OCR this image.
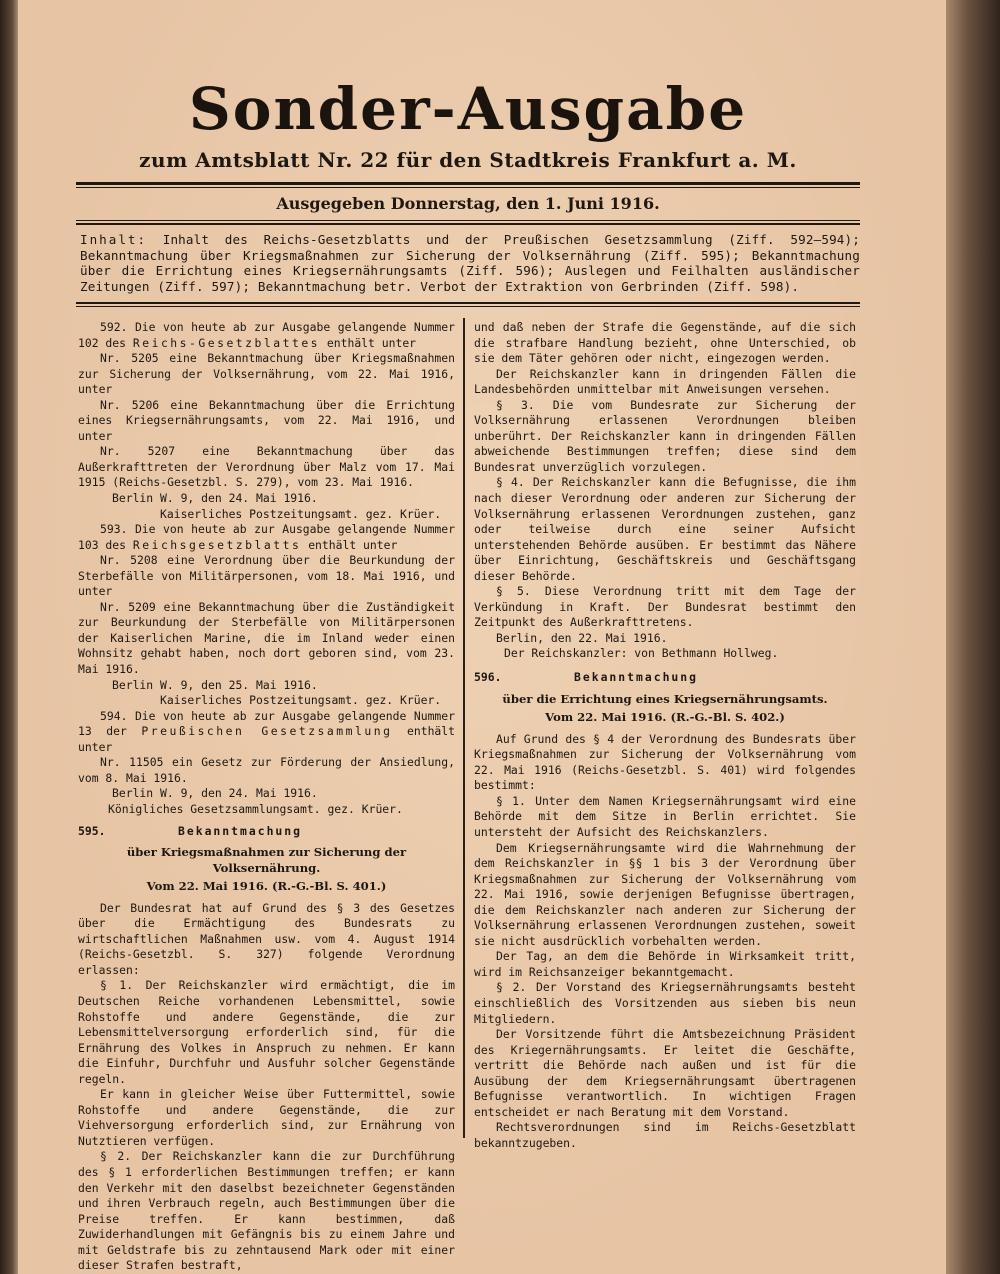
Sonder-Ausgabe
zum Amtsblatt Nr. 22 für den Stadtkreis Frankfurt a. M.
Ausgegeben Donnerstag, den 1. Juni 1916.
Inhalt: Inhalt des Reichs-Gesetzblatts und der Preußischen Gesetzsammlung (Ziff. 592—594); Bekanntmachung über Kriegsmaßnahmen zur Sicherung der Volksernährung (Ziff. 595); Bekanntmachung über die Errichtung eines Kriegsernährungsamts (Ziff. 596); Auslegen und Feilhalten ausländischer Zeitungen (Ziff. 597); Bekanntmachung betr. Verbot der Extraktion von Gerbrinden (Ziff. 598).
592. Die von heute ab zur Ausgabe gelangende Nummer 102 des Reichs-Gesetzblattes enthält unter
Nr. 5205 eine Bekanntmachung über Kriegsmaßnahmen zur Sicherung der Volksernährung, vom 22. Mai 1916, unter
Nr. 5206 eine Bekanntmachung über die Errichtung eines Kriegsernährungsamts, vom 22. Mai 1916, und unter
Nr. 5207 eine Bekanntmachung über das Außerkrafttreten der Verordnung über Malz vom 17. Mai 1915 (Reichs-Gesetzbl. S. 279), vom 23. Mai 1916.
Berlin W. 9, den 24. Mai 1916.
Kaiserliches Postzeitungsamt. gez. Krüer.
593. Die von heute ab zur Ausgabe gelangende Nummer 103 des Reichsgesetzblatts enthält unter
Nr. 5208 eine Verordnung über die Beurkundung der Sterbefälle von Militärpersonen, vom 18. Mai 1916, und unter
Nr. 5209 eine Bekanntmachung über die Zuständigkeit zur Beurkundung der Sterbefälle von Militärpersonen der Kaiserlichen Marine, die im Inland weder einen Wohnsitz gehabt haben, noch dort geboren sind, vom 23. Mai 1916.
Berlin W. 9, den 25. Mai 1916.
Kaiserliches Postzeitungsamt. gez. Krüer.
594. Die von heute ab zur Ausgabe gelangende Nummer 13 der Preußischen Gesetzsammlung enthält unter
Nr. 11505 ein Gesetz zur Förderung der Ansiedlung, vom 8. Mai 1916.
Berlin W. 9, den 24. Mai 1916.
Königliches Gesetzsammlungsamt. gez. Krüer.
595.	Bekanntmachung
über Kriegsmaßnahmen zur Sicherung der Volksernährung.
Vom 22. Mai 1916. (R.-G.-Bl. S. 401.)
Der Bundesrat hat auf Grund des § 3 des Gesetzes über die Ermächtigung des Bundesrats zu wirtschaftlichen Maßnahmen usw. vom 4. August 1914 (Reichs-Gesetzbl. S. 327) folgende Verordnung erlassen:
§ 1. Der Reichskanzler wird ermächtigt, die im Deutschen Reiche vorhandenen Lebensmittel, sowie Rohstoffe und andere Gegenstände, die zur Lebensmittelversorgung erforderlich sind, für die Ernährung des Volkes in Anspruch zu nehmen. Er kann die Einfuhr, Durchfuhr und Ausfuhr solcher Gegenstände regeln.
Er kann in gleicher Weise über Futtermittel, sowie Rohstoffe und andere Gegenstände, die zur Viehversorgung erforderlich sind, zur Ernährung von Nutztieren verfügen.
§ 2. Der Reichskanzler kann die zur Durchführung des § 1 erforderlichen Bestimmungen treffen; er kann den Verkehr mit den daselbst bezeichneter Gegenständen und ihren Verbrauch regeln, auch Bestimmungen über die Preise treffen. Er kann bestimmen, daß Zuwiderhandlungen mit Gefängnis bis zu einem Jahre und mit Geldstrafe bis zu zehntausend Mark oder mit einer dieser Strafen bestraft,
und daß neben der Strafe die Gegenstände, auf die sich die strafbare Handlung bezieht, ohne Unterschied, ob sie dem Täter gehören oder nicht, eingezogen werden.
Der Reichskanzler kann in dringenden Fällen die Landesbehörden unmittelbar mit Anweisungen versehen.
§ 3. Die vom Bundesrate zur Sicherung der Volksernährung erlassenen Verordnungen bleiben unberührt. Der Reichskanzler kann in dringenden Fällen abweichende Bestimmungen treffen; diese sind dem Bundesrat unverzüglich vorzulegen.
§ 4. Der Reichskanzler kann die Befugnisse, die ihm nach dieser Verordnung oder anderen zur Sicherung der Volksernährung erlassenen Verordnungen zustehen, ganz oder teilweise durch eine seiner Aufsicht unterstehenden Behörde ausüben. Er bestimmt das Nähere über Einrichtung, Geschäftskreis und Geschäftsgang dieser Behörde.
§ 5. Diese Verordnung tritt mit dem Tage der Verkündung in Kraft. Der Bundesrat bestimmt den Zeitpunkt des Außerkrafttretens.
Berlin, den 22. Mai 1916.
Der Reichskanzler: von Bethmann Hollweg.
596.	Bekanntmachung
über die Errichtung eines Kriegsernährungsamts.
Vom 22. Mai 1916. (R.-G.-Bl. S. 402.)
Auf Grund des § 4 der Verordnung des Bundesrats über Kriegsmaßnahmen zur Sicherung der Volksernährung vom 22. Mai 1916 (Reichs-Gesetzbl. S. 401) wird folgendes bestimmt:
§ 1. Unter dem Namen Kriegsernährungsamt wird eine Behörde mit dem Sitze in Berlin errichtet. Sie untersteht der Aufsicht des Reichskanzlers.
Dem Kriegsernährungsamte wird die Wahrnehmung der dem Reichskanzler in §§ 1 bis 3 der Verordnung über Kriegsmaßnahmen zur Sicherung der Volksernährung vom 22. Mai 1916, sowie derjenigen Befugnisse übertragen, die dem Reichskanzler nach anderen zur Sicherung der Volksernährung erlassenen Verordnungen zustehen, soweit sie nicht ausdrücklich vorbehalten werden.
Der Tag, an dem die Behörde in Wirksamkeit tritt, wird im Reichsanzeiger bekanntgemacht.
§ 2. Der Vorstand des Kriegsernährungsamts besteht einschließlich des Vorsitzenden aus sieben bis neun Mitgliedern.
Der Vorsitzende führt die Amtsbezeichnung Präsident des Kriegernährungsamts. Er leitet die Geschäfte, vertritt die Behörde nach außen und ist für die Ausübung der dem Kriegsernährungsamt übertragenen Befugnisse verantwortlich. In wichtigen Fragen entscheidet er nach Beratung mit dem Vorstand.
Rechtsverordnungen sind im Reichs-Gesetzblatt bekanntzugeben.
